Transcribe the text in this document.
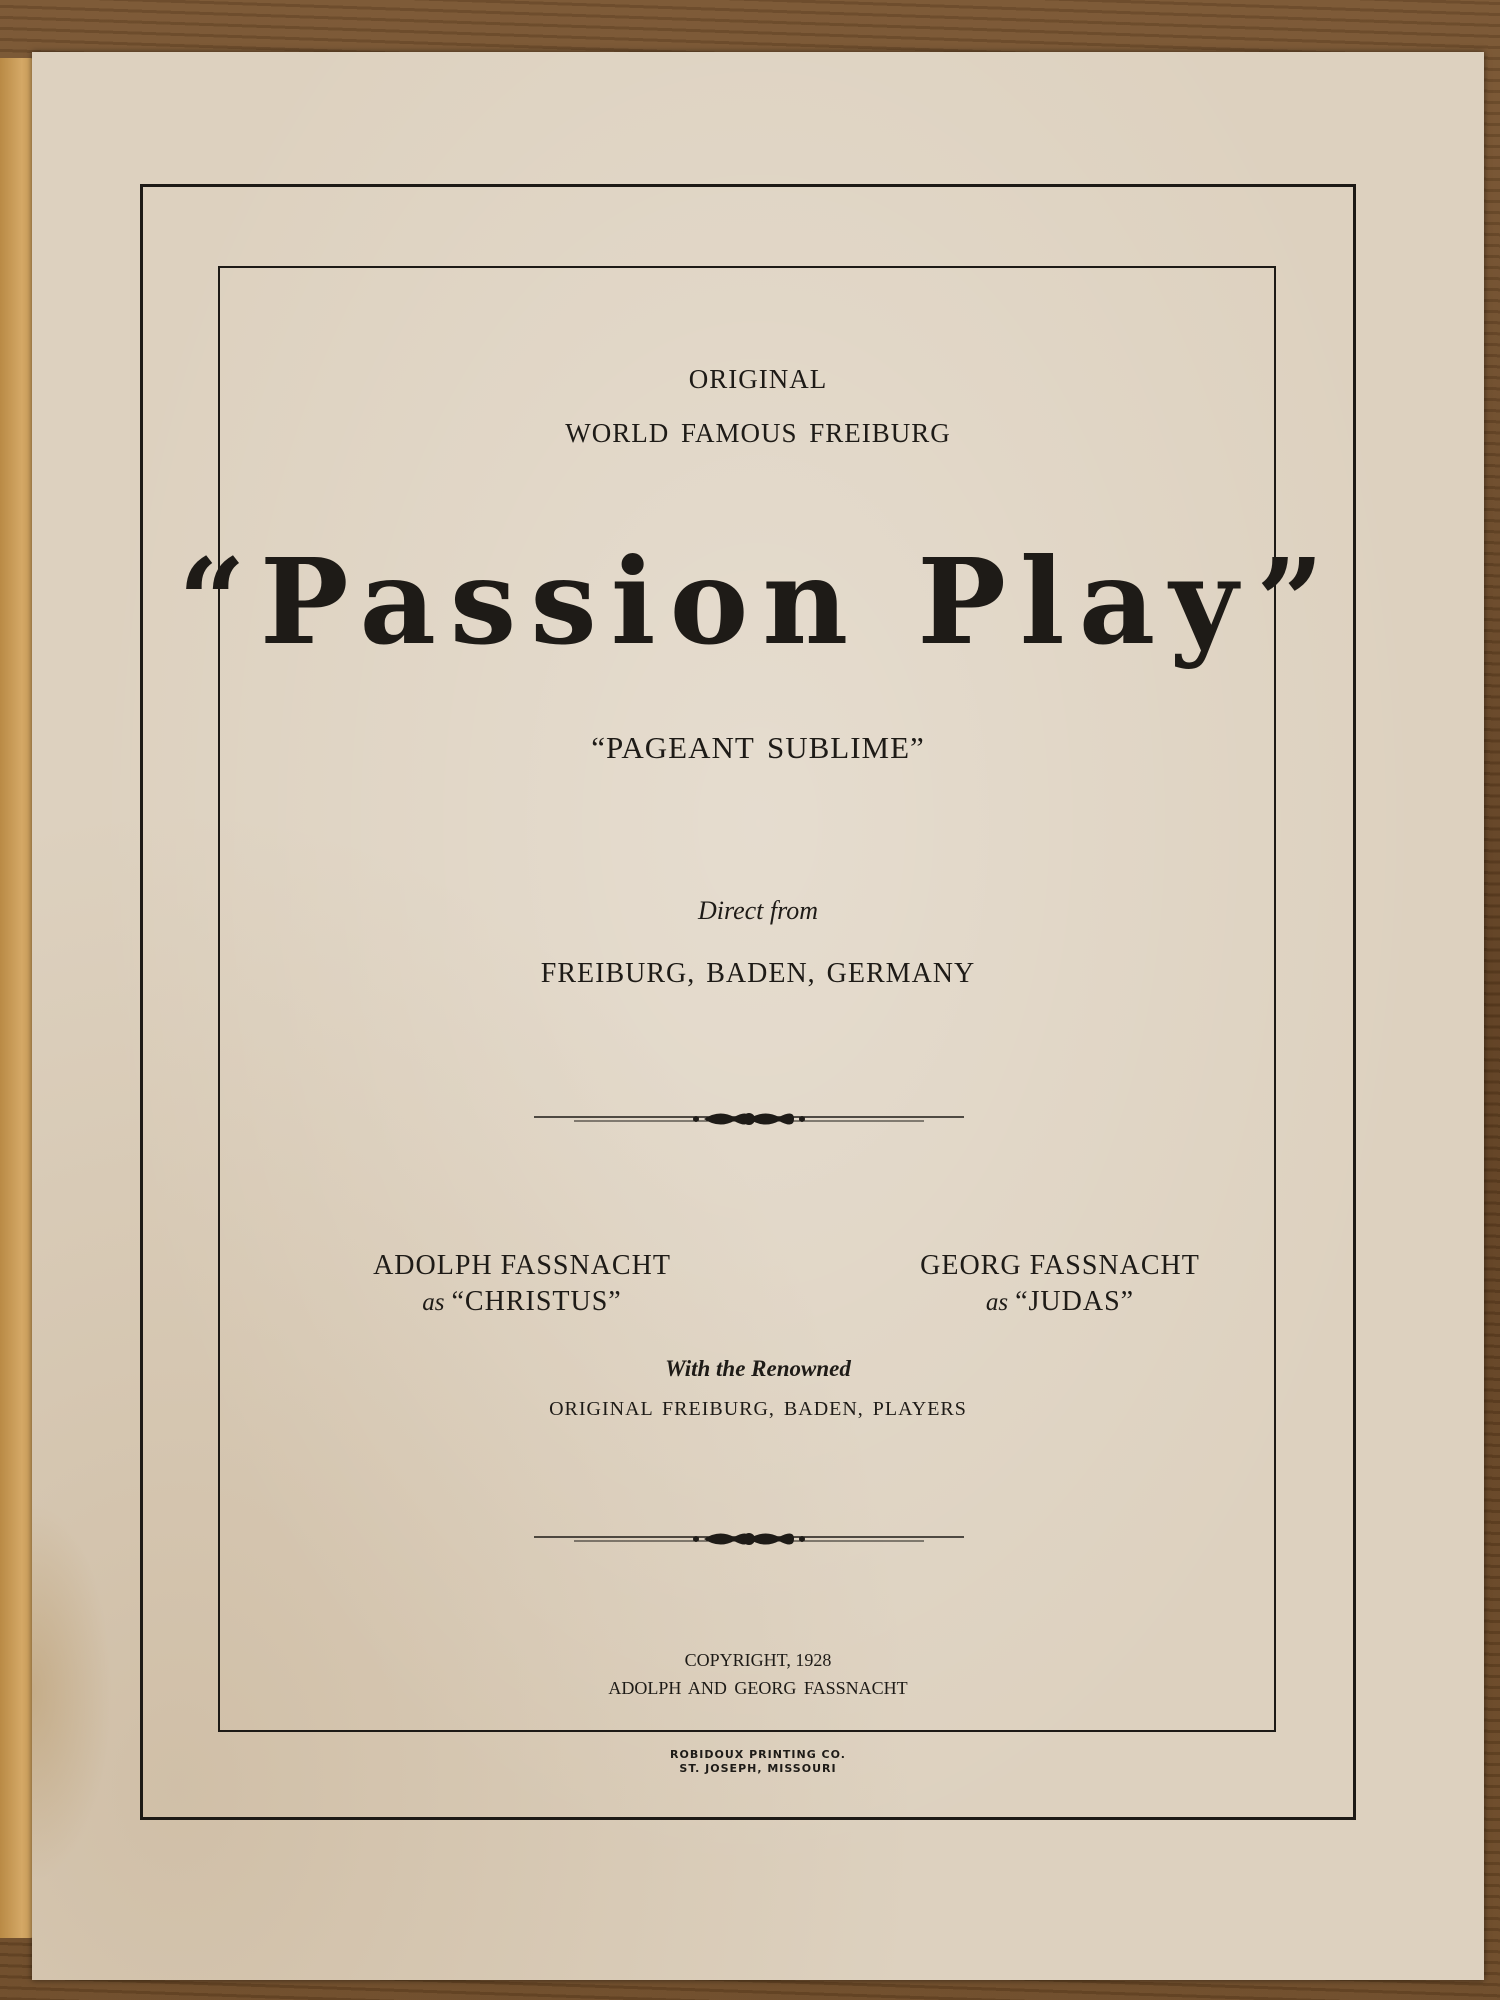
ORIGINAL
WORLD FAMOUS FREIBURG
“Passion Play”
“PAGEANT SUBLIME”
Direct from
FREIBURG, BADEN, GERMANY
ADOLPH FASSNACHT
as “CHRISTUS”
GEORG FASSNACHT
as “JUDAS”
With the Renowned
ORIGINAL FREIBURG, BADEN, PLAYERS
COPYRIGHT, 1928
ADOLPH AND GEORG FASSNACHT
ROBIDOUX PRINTING CO.
ST. JOSEPH, MISSOURI
